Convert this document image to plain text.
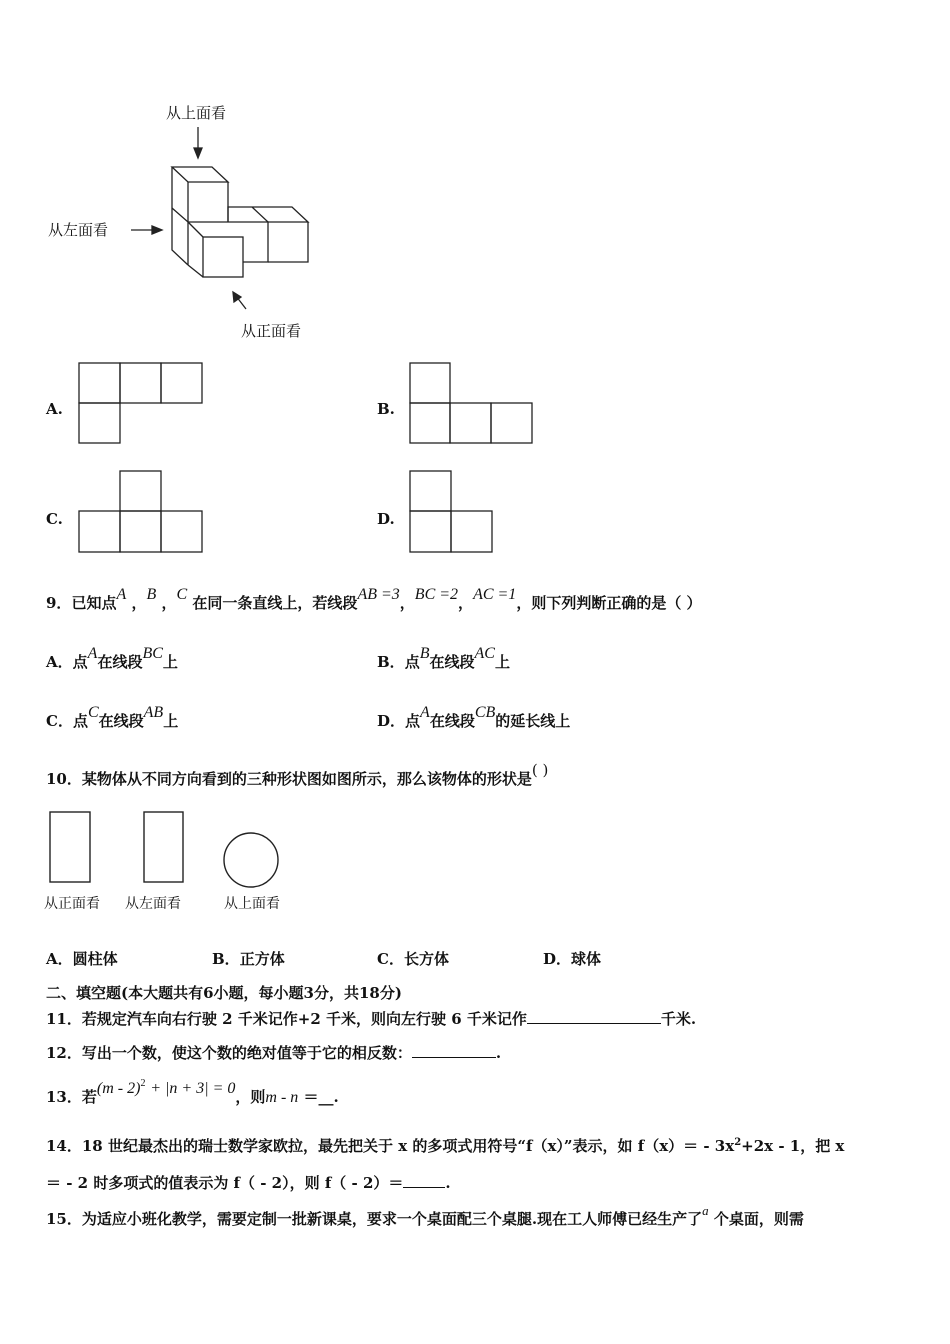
从上面看
从左面看
从正面看
A.	B.
C.	D.
9．已知点A ，B ，C 在同一条直线上，若线段AB =3，BC =2，AC =1，则下列判断正确的是（ ）
A．点A在线段BC上	B．点B在线段AC上
C．点C在线段AB上	D．点A在线段CB的延长线上
10．某物体从不同方向看到的三种形状图如图所示，那么该物体的形状是( )
从正面看 从左面看	从上面看
A．圆柱体	B．正方体	C．长方体	D．球体
二、填空题(本大题共有6小题，每小题3分，共18分)
11．若规定汽车向右行驶 2 千米记作+2 千米，则向左行驶 6 千米记作	千米.
12．写出一个数，使这个数的绝对值等于它的相反数：	.
13．若(m - 2)$^2$ + |n + 3| = 0，则m - n ＝__.
14．18 世纪最杰出的瑞士数学家欧拉，最先把关于 x 的多项式用符号“f（x）”表示，如 $f(x)= - 3x^2+2x - 1$，把 x
＝ - 2 时多项式的值表示为 f（ - 2），则 f（ - 2）＝	.
15．为适应小班化教学，需要定制一批新课桌，要求一个桌面配三个桌腿.现在工人师傅已经生产了a 个桌面，则需
